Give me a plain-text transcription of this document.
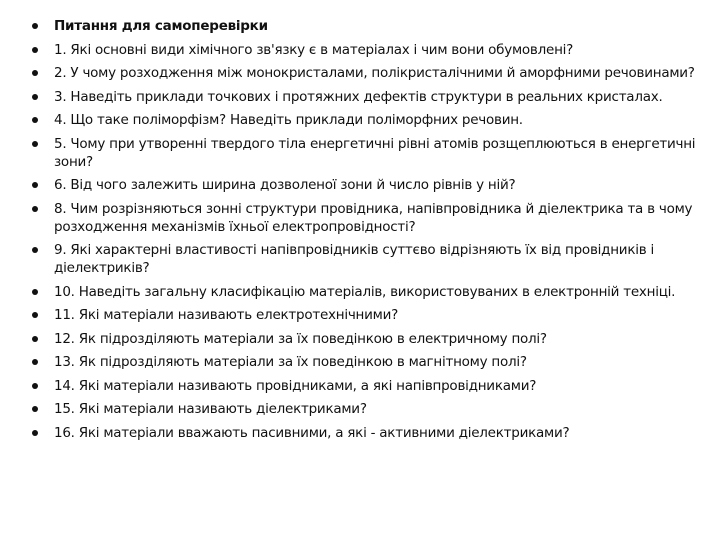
Питання для самоперевірки
1. Які основні види хімічного зв'язку є в матеріалах і чим вони обумовлені?
2. У чому розходження між монокристалами, полікристалічними й аморфними речовинами?
3. Наведіть приклади точкових і протяжних дефектів структури в реальних кристалах.
4. Що таке поліморфізм? Наведіть приклади поліморфних речовин.
5. Чому при утворенні твердого тіла енергетичні рівні атомів розщеплюються в енергетичні зони?
6. Від чого залежить ширина дозволеної зони й число рівнів у ній?
8. Чим розрізняються зонні структури провідника, напівпровідника й діелектрика та в чому розходження механізмів їхньої електропровідності?
9. Які характерні властивості напівпровідників суттєво відрізняють їх від провідників і діелектриків?
10. Наведіть загальну класифікацію матеріалів, використовуваних в електронній техніці.
11. Які матеріали називають електротехнічними?
12. Як підрозділяють матеріали за їх поведінкою в електричному полі?
13. Як підрозділяють матеріали за їх поведінкою в магнітному полі?
14. Які матеріали називають провідниками, а які напівпровідниками?
15. Які матеріали називають діелектриками?
16. Які матеріали вважають пасивними, а які - активними діелектриками?
